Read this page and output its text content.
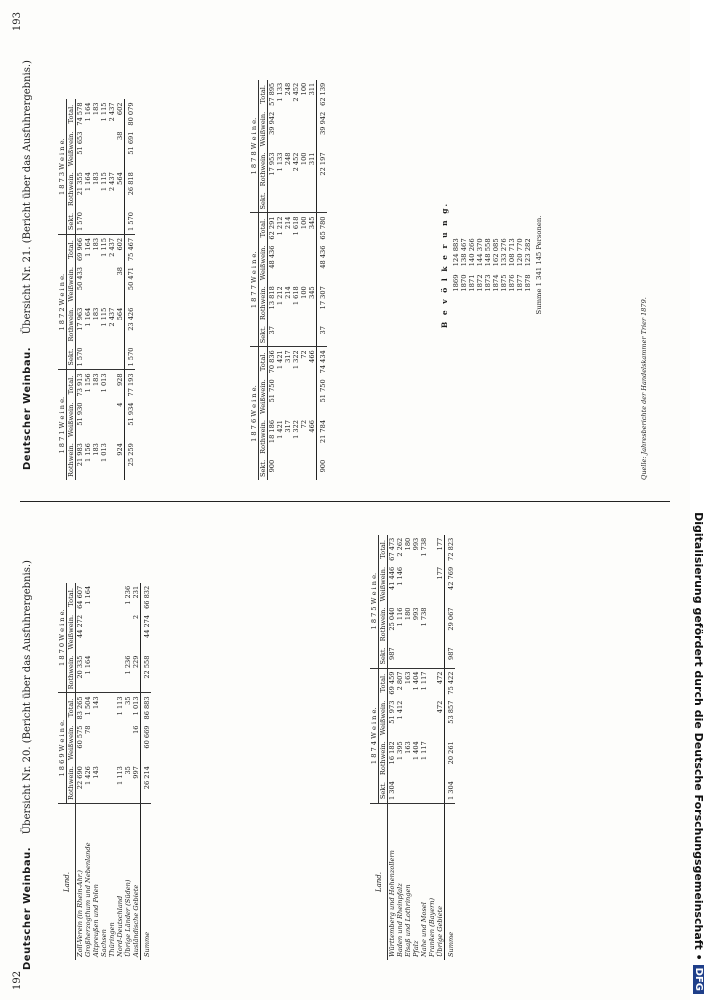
192
Deutscher Weinbau.    Übersicht Nr. 20. (Bericht über das Ausfuhrergebnis.)
Land.	1 8 6 9 W e i n e.			1 8 7 0 W e i n e.		
	Rothwein.	Weißwein.	Total.	Rothwein.	Weißwein.	Total.
Zoll-Verein (in Rhein-Ahr.)	22 690	60 575	83 265	20 335	44 272	64 607
Großherzogthum und Nebenlande	1 426	78	1 504	1 164		1 164
Altpreußen und Polen	143		143			
Sachsen						
Thüringen						
Nord-Deutschland	1 113		1 113			
Übrige Länder (Süden)	35		35	1 236		1 236
Ausländische Gebiete	997	16	1 013	229	2	231
Summe	26 214	60 669	86 883	22 558	44 274	66 832
Land.	1 8 7 4 W e i n e.				1 8 7 5 W e i n e.			
	Sekt.	Rothwein.	Weißwein.	Total.	Sekt.	Rothwein.	Weißwein.	Total.
Württemberg und Hohenzollern	1 304	16 182	51 973	69 459	987	25 040	41 446	67 473
Baden und Rheinpfalz		1 395	1 412	2 807		1 116	1 146	2 262
Elsaß und Lothringen		163		163		180		180
Pfalz		1 404		1 404		993		993
Nahe und Mosel		1 117		1 117		1 738		1 738
Franken (Bayern)								
Übrige Gebiete			472	472			177	177
Summe	1 304	20 261	53 857	75 422	987	29 067	42 769	72 823
193
Deutscher Weinbau.    Übersicht Nr. 21. (Bericht über das Ausfuhrergebnis.)
1 8 7 1 W e i n e.			1 8 7 2 W e i n e.				1 8 7 3 W e i n e.			
Rothwein.	Weißwein.	Total.	Sekt.	Rothwein.	Weißwein.	Total.	Sekt.	Rothwein.	Weißwein.	Total.
21 983	51 930	73 913	1 570	17 963	50 433	69 966	1 570	21 355	51 653	74 578
1 156		1 156		1 164		1 164		1 164		1 164
183		183		183		183		183		183

1 013		1 013		1 115		1 115		1 115		1 115
				2 437		2 437		2 437		2 437
924	4	928		564	38	602		564	38	602
25 259	51 934	77 193	1 570	23 426	50 471	75 467	1 570	26 818	51 691	80 079
1 8 7 6 W e i n e.				1 8 7 7 W e i n e.				1 8 7 8 W e i n e.			
Sekt.	Rothwein.	Weißwein.	Total.	Sekt.	Rothwein.	Weißwein.	Total.	Sekt.	Rothwein.	Weißwein.	Total.
900	18 186	51 750	70 836	37	13 818	48 436	62 291		17 953	39 942	57 895
	1 421		1 421		1 212		1 212		1 133		1 133
	317		317		214		214		248		248

	1 322		1 322		1 618		1 618		2 452		2 452
	72		72		100		100		100		100
	466		466		345		345		311		311
900	21 784	51 750	74 434	37	17 307	48 436	65 780		22 197	39 942	62 139
B e v ö l k e r u n g. 1869	124 883
1870	138 467
1871	140 266
1872	144 370
1873	148 558
1874	162 085
1875	133 276
1876	108 713
1877	120 770
1878	123 282 Summe 1 341 145 Personen.
Quelle: Jahresberichte der Handelskammer Trier 1879.
Digitalisierung gefördert durch die Deutsche Forschungsgemeinschaft •
DFG
